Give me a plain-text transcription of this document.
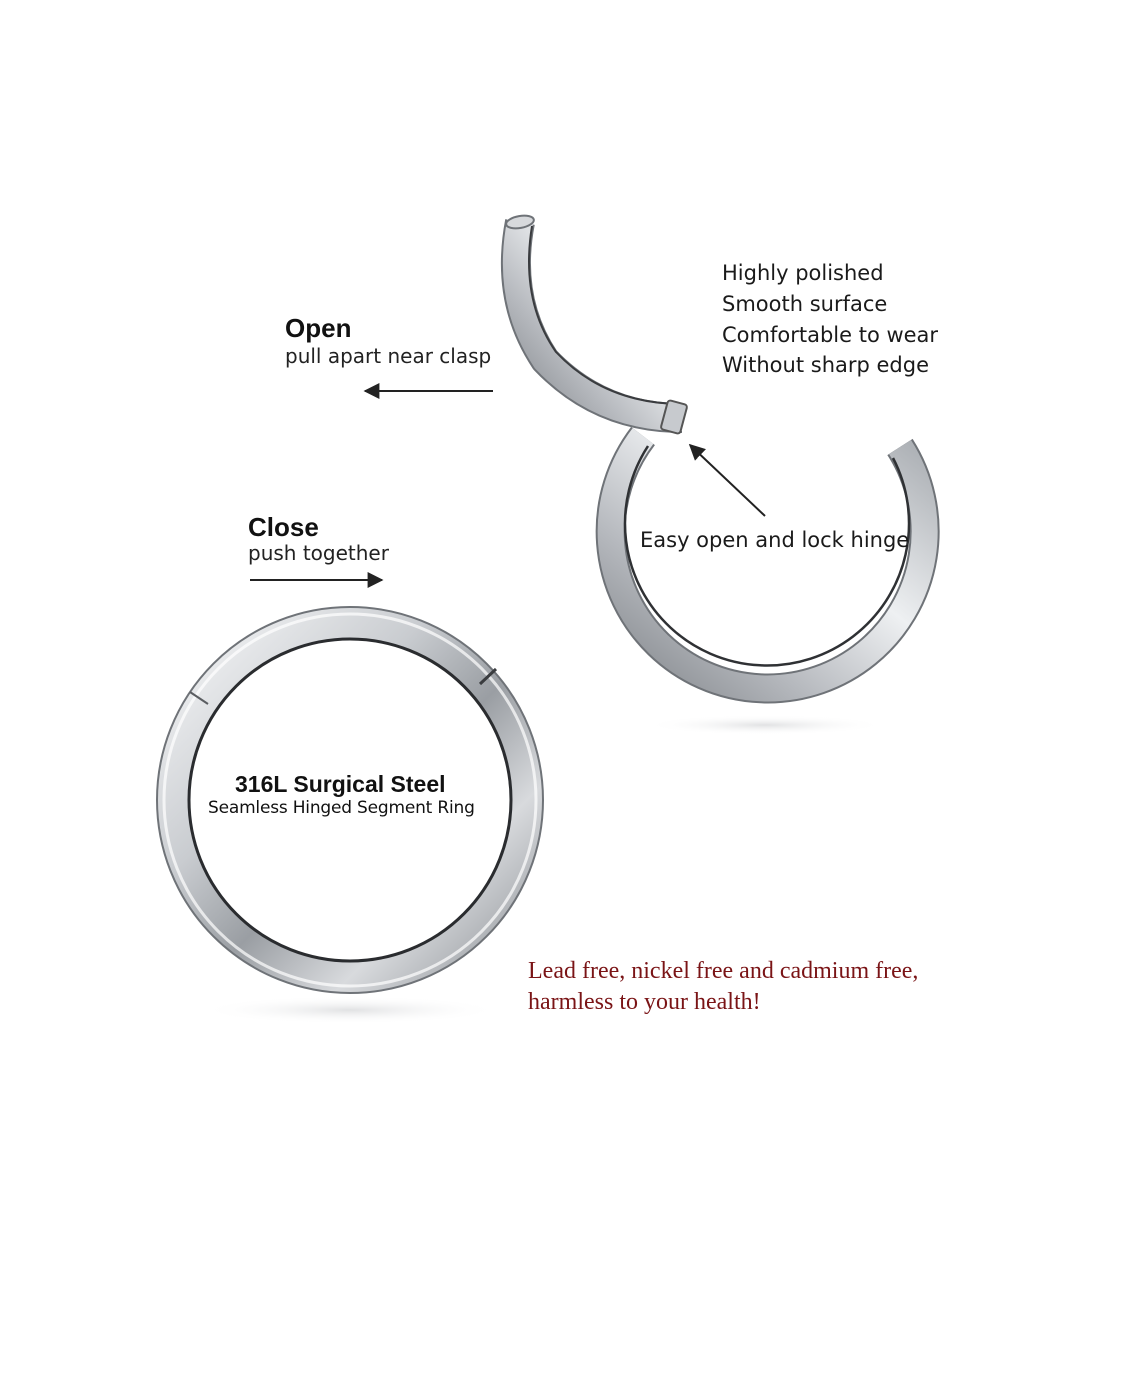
Open
pull apart near clasp
Close
push together
Highly polished
Smooth surface
Comfortable to wear
Without sharp edge
Easy open and lock hinge
316L Surgical Steel
Seamless Hinged Segment Ring
Lead free, nickel free and cadmium free,
harmless to your health!
